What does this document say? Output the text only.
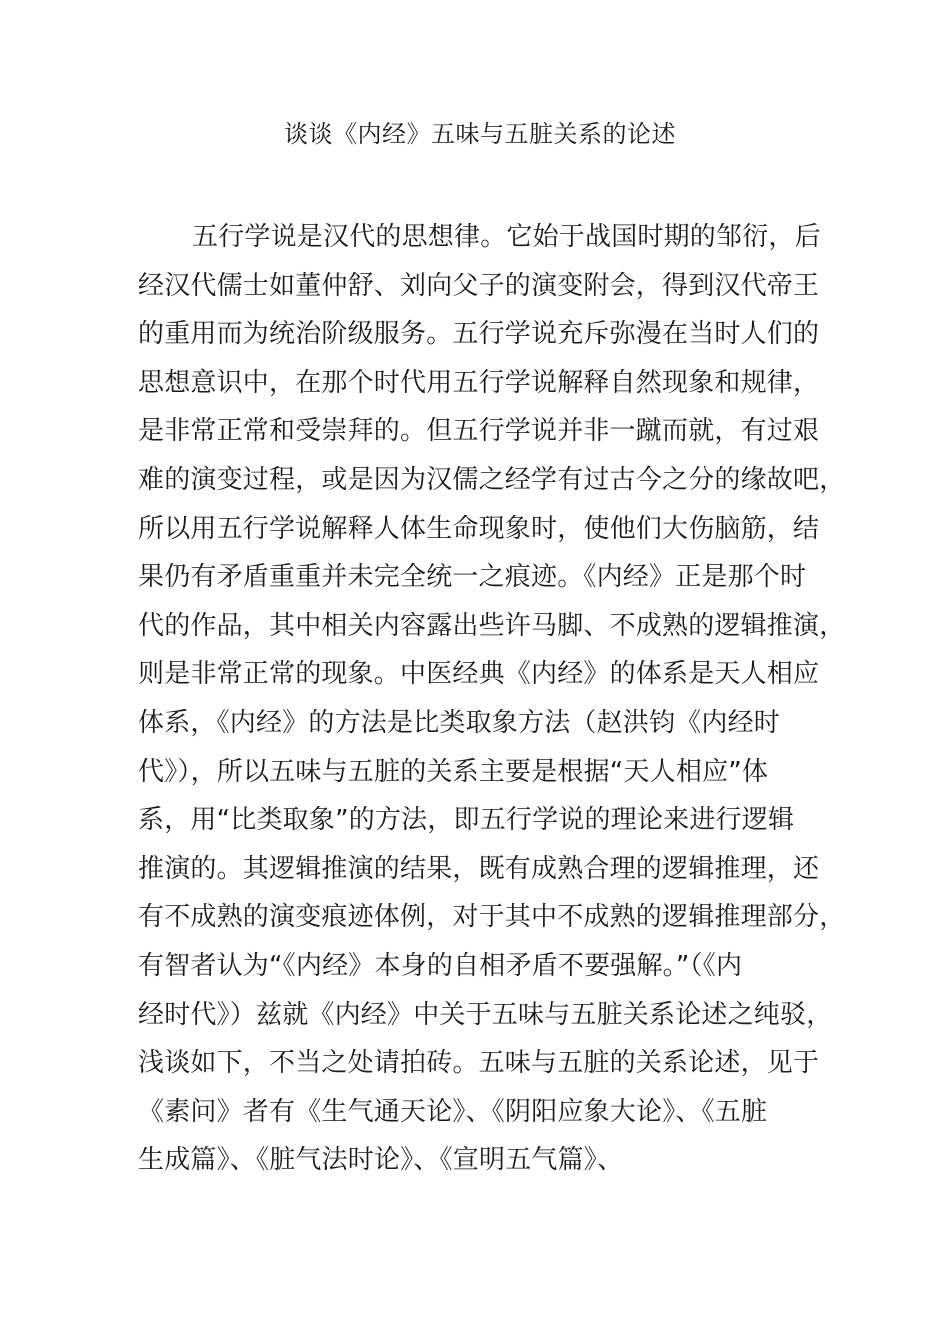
谈谈《内经》五味与五脏关系的论述
五行学说是汉代的思想律。它始于战国时期的邹衍，后
经汉代儒士如董仲舒、刘向父子的演变附会，得到汉代帝王
的重用而为统治阶级服务。五行学说充斥弥漫在当时人们的
思想意识中，在那个时代用五行学说解释自然现象和规律，
是非常正常和受崇拜的。但五行学说并非一蹴而就，有过艰
难的演变过程，或是因为汉儒之经学有过古今之分的缘故吧，
所以用五行学说解释人体生命现象时，使他们大伤脑筋，结
果仍有矛盾重重并未完全统一之痕迹。《内经》正是那个时
代的作品，其中相关内容露出些许马脚、不成熟的逻辑推演，
则是非常正常的现象。中医经典《内经》的体系是天人相应
体系，《内经》的方法是比类取象方法（赵洪钧《内经时
代》），所以五味与五脏的关系主要是根据“天人相应”体
系，用“比类取象”的方法，即五行学说的理论来进行逻辑
推演的。其逻辑推演的结果，既有成熟合理的逻辑推理，还
有不成熟的演变痕迹体例，对于其中不成熟的逻辑推理部分，
有智者认为“《内经》本身的自相矛盾不要强解。”（《内
经时代》）兹就《内经》中关于五味与五脏关系论述之纯驳，
浅谈如下，不当之处请拍砖。五味与五脏的关系论述，见于
《素问》者有《生气通天论》、《阴阳应象大论》、《五脏
生成篇》、《脏气法时论》、《宣明五气篇》、
